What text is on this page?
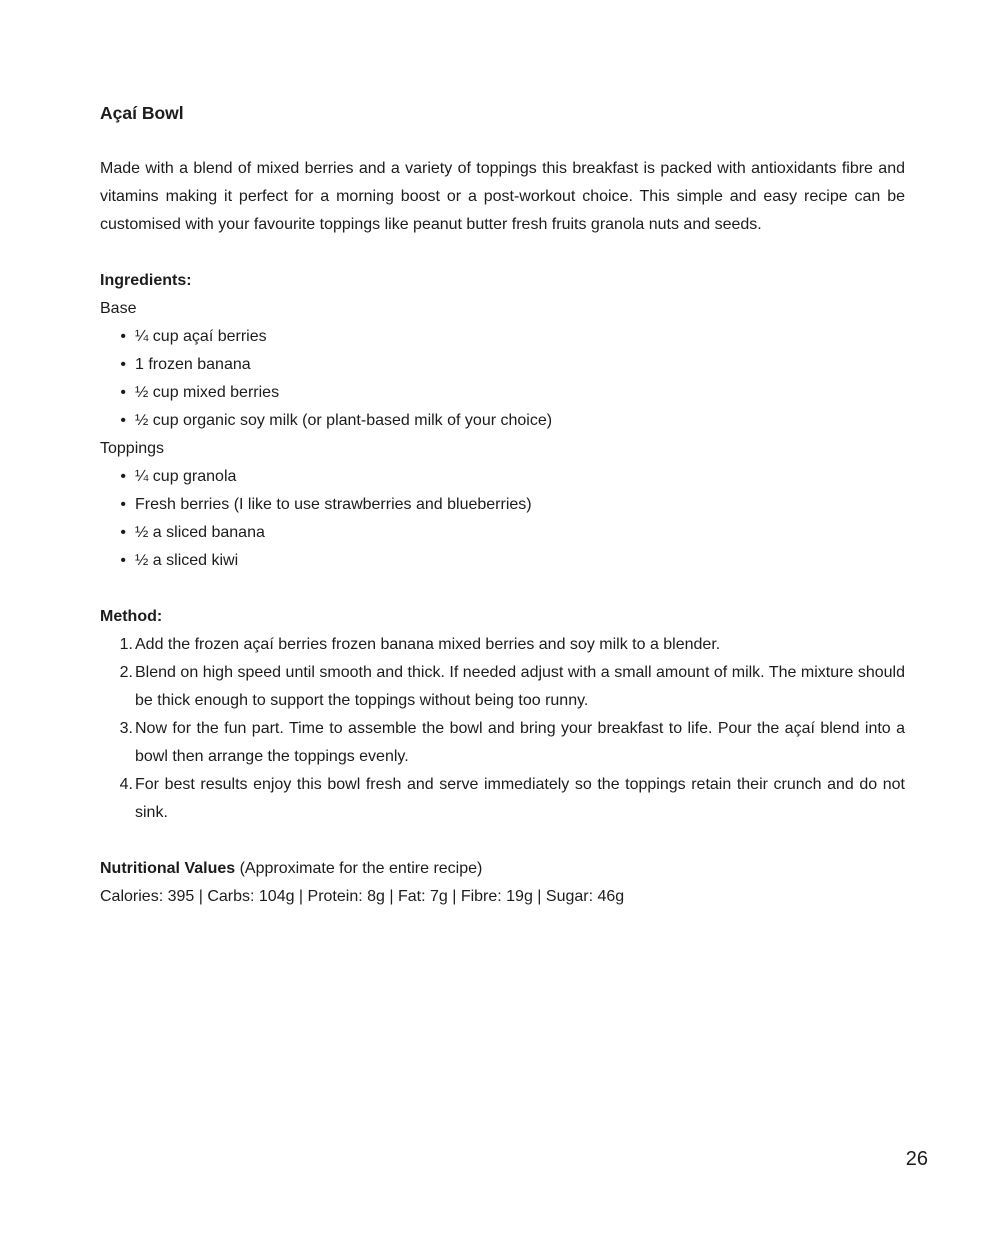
Açaí Bowl

Made with a blend of mixed berries and a variety of toppings this breakfast is packed with antioxidants fibre and vitamins making it perfect for a morning boost or a post-workout choice. This simple and easy recipe can be customised with your favourite toppings like peanut butter fresh fruits granola nuts and seeds.

Ingredients:

Base

• ¼ cup açaí berries
• 1 frozen banana
• ½ cup mixed berries
• ½ cup organic soy milk (or plant-based milk of your choice)

Toppings

• ¼ cup granola
• Fresh berries (I like to use strawberries and blueberries)
• ½ a sliced banana
• ½ a sliced kiwi

Method:

Add the frozen açaí berries frozen banana mixed berries and soy milk to a blender.
Blend on high speed until smooth and thick. If needed adjust with a small amount of milk. The mixture should be thick enough to support the toppings without being too runny.
Now for the fun part. Time to assemble the bowl and bring your breakfast to life. Pour the açaí blend into a bowl then arrange the toppings evenly.
For best results enjoy this bowl fresh and serve immediately so the toppings retain their crunch and do not sink.

Nutritional Values (Approximate for the entire recipe)

Calories: 395 | Carbs: 104g | Protein: 8g | Fat: 7g | Fibre: 19g | Sugar: 46g

26
